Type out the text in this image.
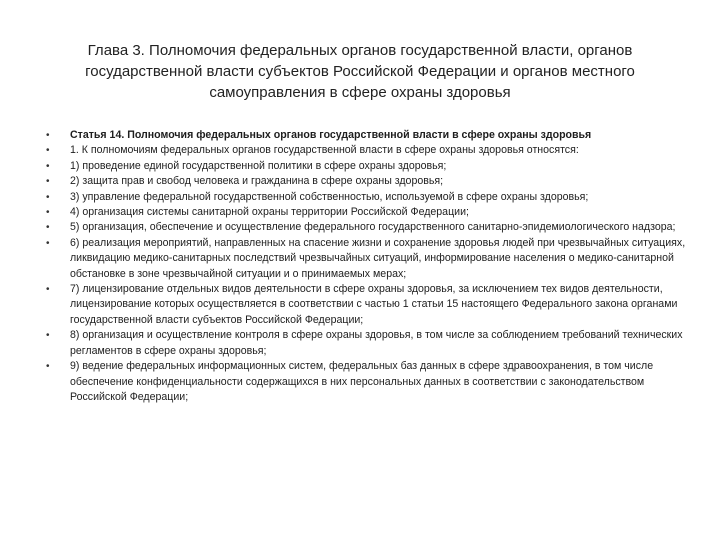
Глава 3. Полномочия федеральных органов государственной власти, органов государственной власти субъектов Российской Федерации и органов местного самоуправления в сфере охраны здоровья
•	Статья 14. Полномочия федеральных органов государственной власти в сфере охраны здоровья
•	1. К полномочиям федеральных органов государственной власти в сфере охраны здоровья относятся:
•	1) проведение единой государственной политики в сфере охраны здоровья;
•	2) защита прав и свобод человека и гражданина в сфере охраны здоровья;
•	3) управление федеральной государственной собственностью, используемой в сфере охраны здоровья;
•	4) организация системы санитарной охраны территории Российской Федерации;
•	5) организация, обеспечение и осуществление федерального государственного санитарно-эпидемиологического надзора;
•	6) реализация мероприятий, направленных на спасение жизни и сохранение здоровья людей при чрезвычайных ситуациях, ликвидацию медико-санитарных последствий чрезвычайных ситуаций, информирование населения о медико-санитарной обстановке в зоне чрезвычайной ситуации и о принимаемых мерах;
•	7) лицензирование отдельных видов деятельности в сфере охраны здоровья, за исключением тех видов деятельности, лицензирование которых осуществляется в соответствии с частью 1 статьи 15 настоящего Федерального закона органами государственной власти субъектов Российской Федерации;
•	8) организация и осуществление контроля в сфере охраны здоровья, в том числе за соблюдением требований технических регламентов в сфере охраны здоровья;
•	9) ведение федеральных информационных систем, федеральных баз данных в сфере здравоохранения, в том числе обеспечение конфиденциальности содержащихся в них персональных данных в соответствии с законодательством Российской Федерации;
